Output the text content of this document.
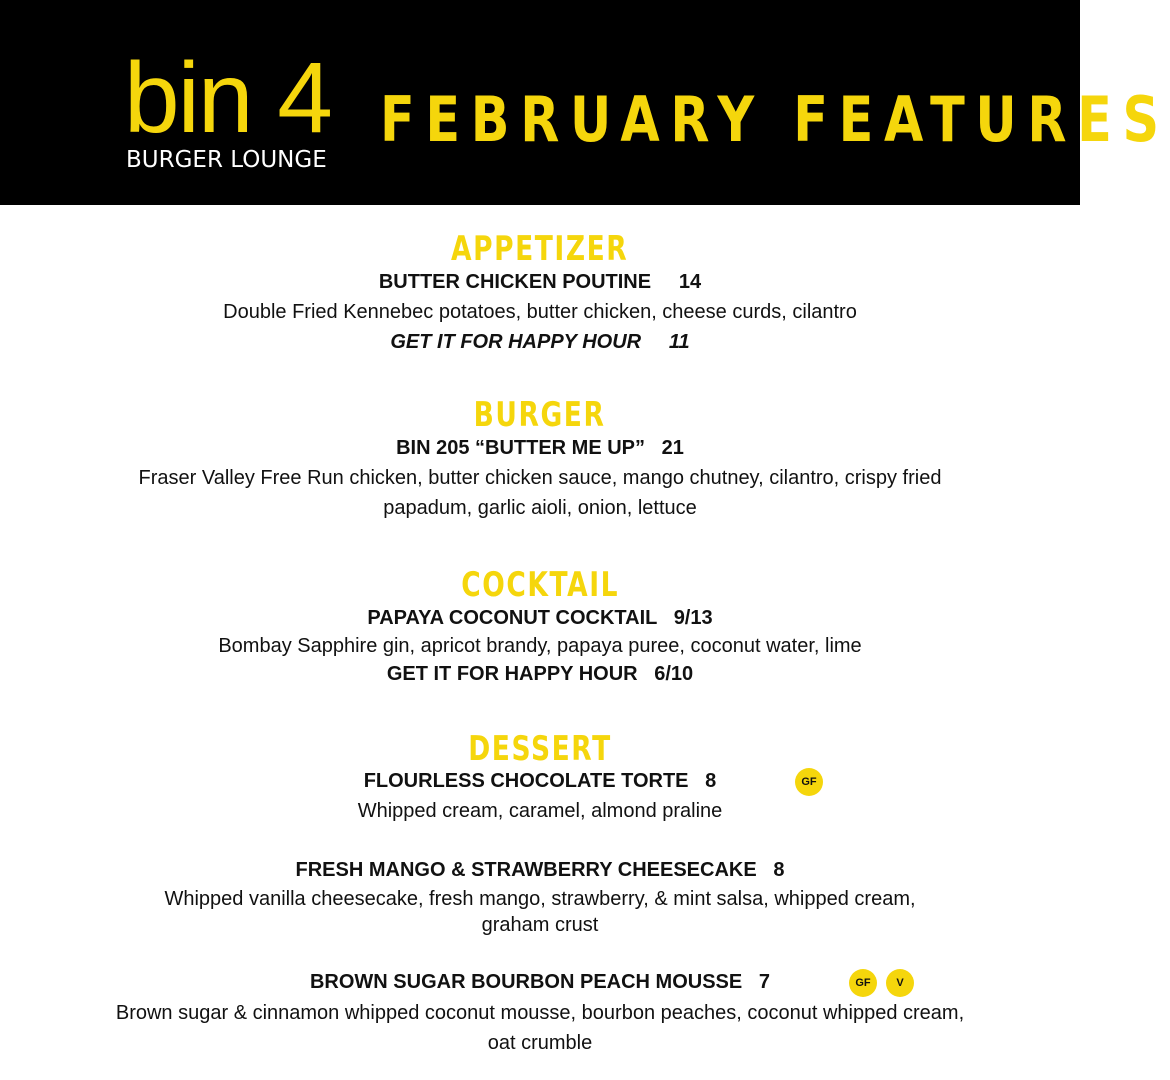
bin 4
BURGER LOUNGE
FEBRUARY FEATURES
APPETIZER
BUTTER CHICKEN POUTINE     14
Double Fried Kennebec potatoes, butter chicken, cheese curds, cilantro
GET IT FOR HAPPY HOUR     11
BURGER
BIN 205 “BUTTER ME UP”   21
Fraser Valley Free Run chicken, butter chicken sauce, mango chutney, cilantro, crispy fried
papadum, garlic aioli, onion, lettuce
COCKTAIL
PAPAYA COCONUT COCKTAIL   9/13
Bombay Sapphire gin, apricot brandy, papaya puree, coconut water, lime
GET IT FOR HAPPY HOUR   6/10
DESSERT
FLOURLESS CHOCOLATE TORTE   8	GF
Whipped cream, caramel, almond praline
FRESH MANGO & STRAWBERRY CHEESECAKE   8
Whipped vanilla cheesecake, fresh mango, strawberry, & mint salsa, whipped cream,
graham crust
BROWN SUGAR BOURBON PEACH MOUSSE   7	GF	V
Brown sugar & cinnamon whipped coconut mousse, bourbon peaches, coconut whipped cream,
oat crumble
